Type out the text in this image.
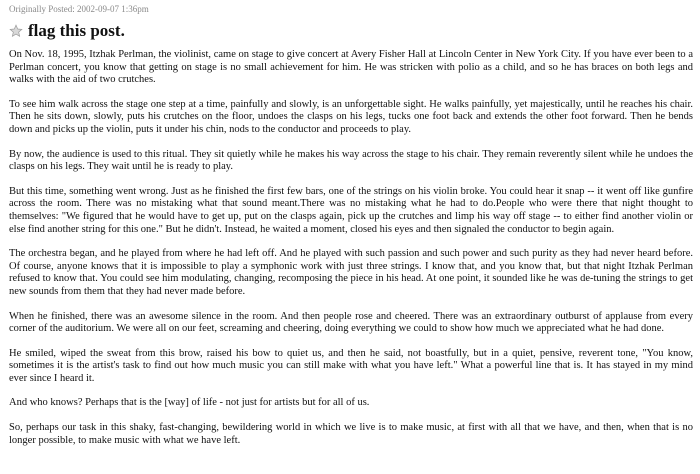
Originally Posted: 2002-09-07 1:36pm
flag this post.

On Nov. 18, 1995, Itzhak Perlman, the violinist, came on stage to give concert at Avery Fisher Hall at Lincoln Center in New York City. If you have ever been to a Perlman concert, you know that getting on stage is no small achievement for him. He was stricken with polio as a child, and so he has braces on both legs and walks with the aid of two crutches.

To see him walk across the stage one step at a time, painfully and slowly, is an unforgettable sight. He walks painfully, yet majestically, until he reaches his chair. Then he sits down, slowly, puts his crutches on the floor, undoes the clasps on his legs, tucks one foot back and extends the other foot forward. Then he bends down and picks up the violin, puts it under his chin, nods to the conductor and proceeds to play.

By now, the audience is used to this ritual. They sit quietly while he makes his way across the stage to his chair. They remain reverently silent while he undoes the clasps on his legs. They wait until he is ready to play.

But this time, something went wrong. Just as he finished the first few bars, one of the strings on his violin broke. You could hear it snap -- it went off like gunfire across the room. There was no mistaking what that sound meant.There was no mistaking what he had to do.People who were there that night thought to themselves: "We figured that he would have to get up, put on the clasps again, pick up the crutches and limp his way off stage -- to either find another violin or else find another string for this one." But he didn't. Instead, he waited a moment, closed his eyes and then signaled the conductor to begin again.

The orchestra began, and he played from where he had left off. And he played with such passion and such power and such purity as they had never heard before. Of course, anyone knows that it is impossible to play a symphonic work with just three strings. I know that, and you know that, but that night Itzhak Perlman refused to know that. You could see him modulating, changing, recomposing the piece in his head. At one point, it sounded like he was de-tuning the strings to get new sounds from them that they had never made before.

When he finished, there was an awesome silence in the room. And then people rose and cheered. There was an extraordinary outburst of applause from every corner of the auditorium. We were all on our feet, screaming and cheering, doing everything we could to show how much we appreciated what he had done.

He smiled, wiped the sweat from this brow, raised his bow to quiet us, and then he said, not boastfully, but in a quiet, pensive, reverent tone, "You know, sometimes it is the artist's task to find out how much music you can still make with what you have left." What a powerful line that is. It has stayed in my mind ever since I heard it.

And who knows? Perhaps that is the [way] of life - not just for artists but for all of us.

So, perhaps our task in this shaky, fast-changing, bewildering world in which we live is to make music, at first with all that we have, and then, when that is no longer possible, to make music with what we have left.
